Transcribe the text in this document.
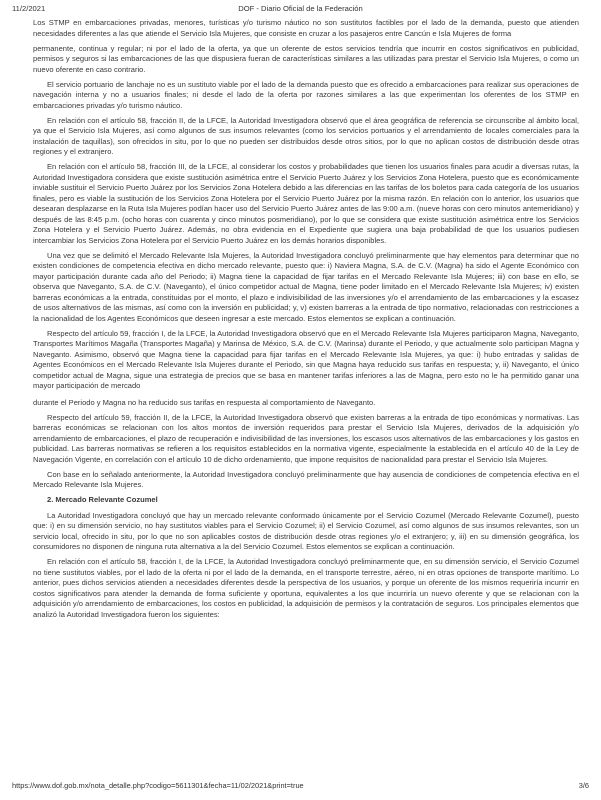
11/2/2021	DOF - Diario Oficial de la Federación

Los STMP en embarcaciones privadas, menores, turísticas y/o turismo náutico no son sustitutos factibles por el lado de la demanda, puesto que atienden necesidades diferentes a las que atiende el Servicio Isla Mujeres, que consiste en cruzar a los pasajeros entre Cancún e Isla Mujeres de forma

permanente, continua y regular; ni por el lado de la oferta, ya que un oferente de estos servicios tendría que incurrir en costos significativos en publicidad, permisos y seguros si las embarcaciones de las que dispusiera fueran de características similares a las utilizadas para prestar el Servicio Isla Mujeres, o como un nuevo oferente en caso contrario.

El servicio portuario de lanchaje no es un sustituto viable por el lado de la demanda puesto que es ofrecido a embarcaciones para realizar sus operaciones de navegación interna y no a usuarios finales; ni desde el lado de la oferta por razones similares a las que experimentan los oferentes de los STMP en embarcaciones privadas y/o turismo náutico.

En relación con el artículo 58, fracción II, de la LFCE, la Autoridad Investigadora observó que el área geográfica de referencia se circunscribe al ámbito local, ya que el Servicio Isla Mujeres, así como algunos de sus insumos relevantes (como los servicios portuarios y el arrendamiento de locales comerciales para la instalación de taquillas), son ofrecidos in situ, por lo que no pueden ser distribuidos desde otros sitios, por lo que no aplican costos de distribución desde otras regiones y el extranjero.

En relación con el artículo 58, fracción III, de la LFCE, al considerar los costos y probabilidades que tienen los usuarios finales para acudir a diversas rutas, la Autoridad Investigadora considera que existe sustitución asimétrica entre el Servicio Puerto Juárez y los Servicios Zona Hotelera, puesto que es económicamente inviable sustituir el Servicio Puerto Juárez por los Servicios Zona Hotelera debido a las diferencias en las tarifas de los boletos para cada categoría de los usuarios finales, pero es viable la sustitución de los Servicios Zona Hotelera por el Servicio Puerto Juárez por la misma razón. En relación con lo anterior, los usuarios que desearan desplazarse en la Ruta Isla Mujeres podían hacer uso del Servicio Puerto Juárez antes de las 9:00 a.m. (nueve horas con cero minutos antemeridiano) y después de las 8:45 p.m. (ocho horas con cuarenta y cinco minutos posmeridiano), por lo que se considera que existe sustitución asimétrica entre los Servicios Zona Hotelera y el Servicio Puerto Juárez. Además, no obra evidencia en el Expediente que sugiera una baja probabilidad de que los usuarios pudiesen intercambiar los Servicios Zona Hotelera por el Servicio Puerto Juárez en los demás horarios disponibles.

Una vez que se delimitó el Mercado Relevante Isla Mujeres, la Autoridad Investigadora concluyó preliminarmente que hay elementos para determinar que no existen condiciones de competencia efectiva en dicho mercado relevante, puesto que: i) Naviera Magna, S.A. de C.V. (Magna) ha sido el Agente Económico con mayor participación durante cada año del Periodo; ii) Magna tiene la capacidad de fijar tarifas en el Mercado Relevante Isla Mujeres; iii) con base en ello, se observa que Naveganto, S.A. de C.V. (Naveganto), el único competidor actual de Magna, tiene poder limitado en el Mercado Relevante Isla Mujeres; iv) existen barreras económicas a la entrada, constituidas por el monto, el plazo e indivisibilidad de las inversiones y/o el arrendamiento de las embarcaciones y la escasez de usos alternativos de las mismas, así como con la inversión en publicidad; y, v) existen barreras a la entrada de tipo normativo, relacionadas con restricciones a la nacionalidad de los Agentes Económicos que deseen ingresar a este mercado. Estos elementos se explican a continuación.

Respecto del artículo 59, fracción I, de la LFCE, la Autoridad Investigadora observó que en el Mercado Relevante Isla Mujeres participaron Magna, Naveganto, Transportes Marítimos Magaña (Transportes Magaña) y Marinsa de México, S.A. de C.V. (Marinsa) durante el Periodo, y que actualmente solo participan Magna y Naveganto. Asimismo, observó que Magna tiene la capacidad para fijar tarifas en el Mercado Relevante Isla Mujeres, ya que: i) hubo entradas y salidas de Agentes Económicos en el Mercado Relevante Isla Mujeres durante el Periodo, sin que Magna haya reducido sus tarifas en respuesta; y, ii) Naveganto, el único competidor actual de Magna, sigue una estrategia de precios que se basa en mantener tarifas inferiores a las de Magna, pero esto no le ha permitido ganar una mayor participación de mercado

durante el Periodo y Magna no ha reducido sus tarifas en respuesta al comportamiento de Naveganto.

Respecto del artículo 59, fracción II, de la LFCE, la Autoridad Investigadora observó que existen barreras a la entrada de tipo económicas y normativas. Las barreras económicas se relacionan con los altos montos de inversión requeridos para prestar el Servicio Isla Mujeres, derivados de la adquisición y/o arrendamiento de embarcaciones, el plazo de recuperación e indivisibilidad de las inversiones, los escasos usos alternativos de las embarcaciones y los gastos en publicidad. Las barreras normativas se refieren a los requisitos establecidos en la normativa vigente, especialmente la establecida en el artículo 40 de la Ley de Navegación Vigente, en correlación con el artículo 10 de dicho ordenamiento, que impone requisitos de nacionalidad para prestar el Servicio Isla Mujeres.

Con base en lo señalado anteriormente, la Autoridad Investigadora concluyó preliminarmente que hay ausencia de condiciones de competencia efectiva en el Mercado Relevante Isla Mujeres.

2. Mercado Relevante Cozumel

La Autoridad Investigadora concluyó que hay un mercado relevante conformado únicamente por el Servicio Cozumel (Mercado Relevante Cozumel), puesto que: i) en su dimensión servicio, no hay sustitutos viables para el Servicio Cozumel; ii) el Servicio Cozumel, así como algunos de sus insumos relevantes, son un servicio local, ofrecido in situ, por lo que no son aplicables costos de distribución desde otras regiones y/o el extranjero; y, iii) en su dimensión geográfica, los consumidores no disponen de ninguna ruta alternativa a la del Servicio Cozumel. Estos elementos se explican a continuación.

En relación con el artículo 58, fracción I, de la LFCE, la Autoridad Investigadora concluyó preliminarmente que, en su dimensión servicio, el Servicio Cozumel no tiene sustitutos viables, por el lado de la oferta ni por el lado de la demanda, en el transporte terrestre, aéreo, ni en otras opciones de transporte marítimo. Lo anterior, pues dichos servicios atienden a necesidades diferentes desde la perspectiva de los usuarios, y porque un oferente de los mismos requeriría incurrir en costos significativos para atender la demanda de forma suficiente y oportuna, equivalentes a los que incurriría un nuevo oferente y que se relacionan con la adquisición y/o arrendamiento de embarcaciones, los costos en publicidad, la adquisición de permisos y la contratación de seguros. Los principales elementos que analizó la Autoridad Investigadora fueron los siguientes:

https://www.dof.gob.mx/nota_detalle.php?codigo=5611301&fecha=11/02/2021&print=true	3/6
